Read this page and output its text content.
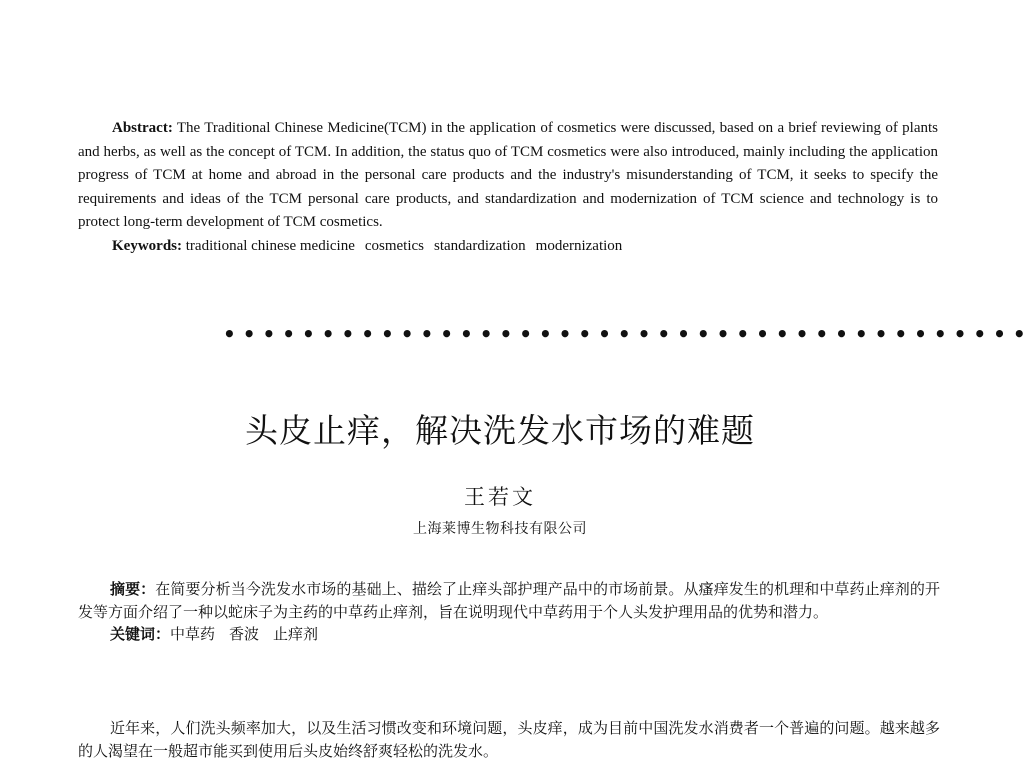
Abstract: The Traditional Chinese Medicine(TCM) in the application of cosmetics were discussed, based on a brief reviewing of plants and herbs, as well as the concept of TCM. In addition, the status quo of TCM cosmetics were also introduced, mainly including the application progress of TCM at home and abroad in the personal care products and the industry's misunderstanding of TCM, it seeks to specify the requirements and ideas of the TCM personal care products, and standardization and modernization of TCM science and technology is to protect long-term development of TCM cosmetics.

Keywords: traditional chinese medicine cosmetics standardization modernization

• • • • • • • • • • • • • • • • • • • • • • • • • • • • • • • • • • • • • • • • •
头皮止痒，解决洗发水市场的难题
王若文
上海莱博生物科技有限公司

摘要：在简要分析当今洗发水市场的基础上、描绘了止痒头部护理产品中的市场前景。从瘙痒发生的机理和中草药止痒剂的开发等方面介绍了一种以蛇床子为主药的中草药止痒剂，旨在说明现代中草药用于个人头发护理用品的优势和潜力。

关键词：中草药 香波 止痒剂

近年来，人们洗头频率加大，以及生活习惯改变和环境问题，头皮痒，成为目前中国洗发水消费者一个普遍的问题。越来越多的人渴望在一般超市能买到使用后头皮始终舒爽轻松的洗发水。
